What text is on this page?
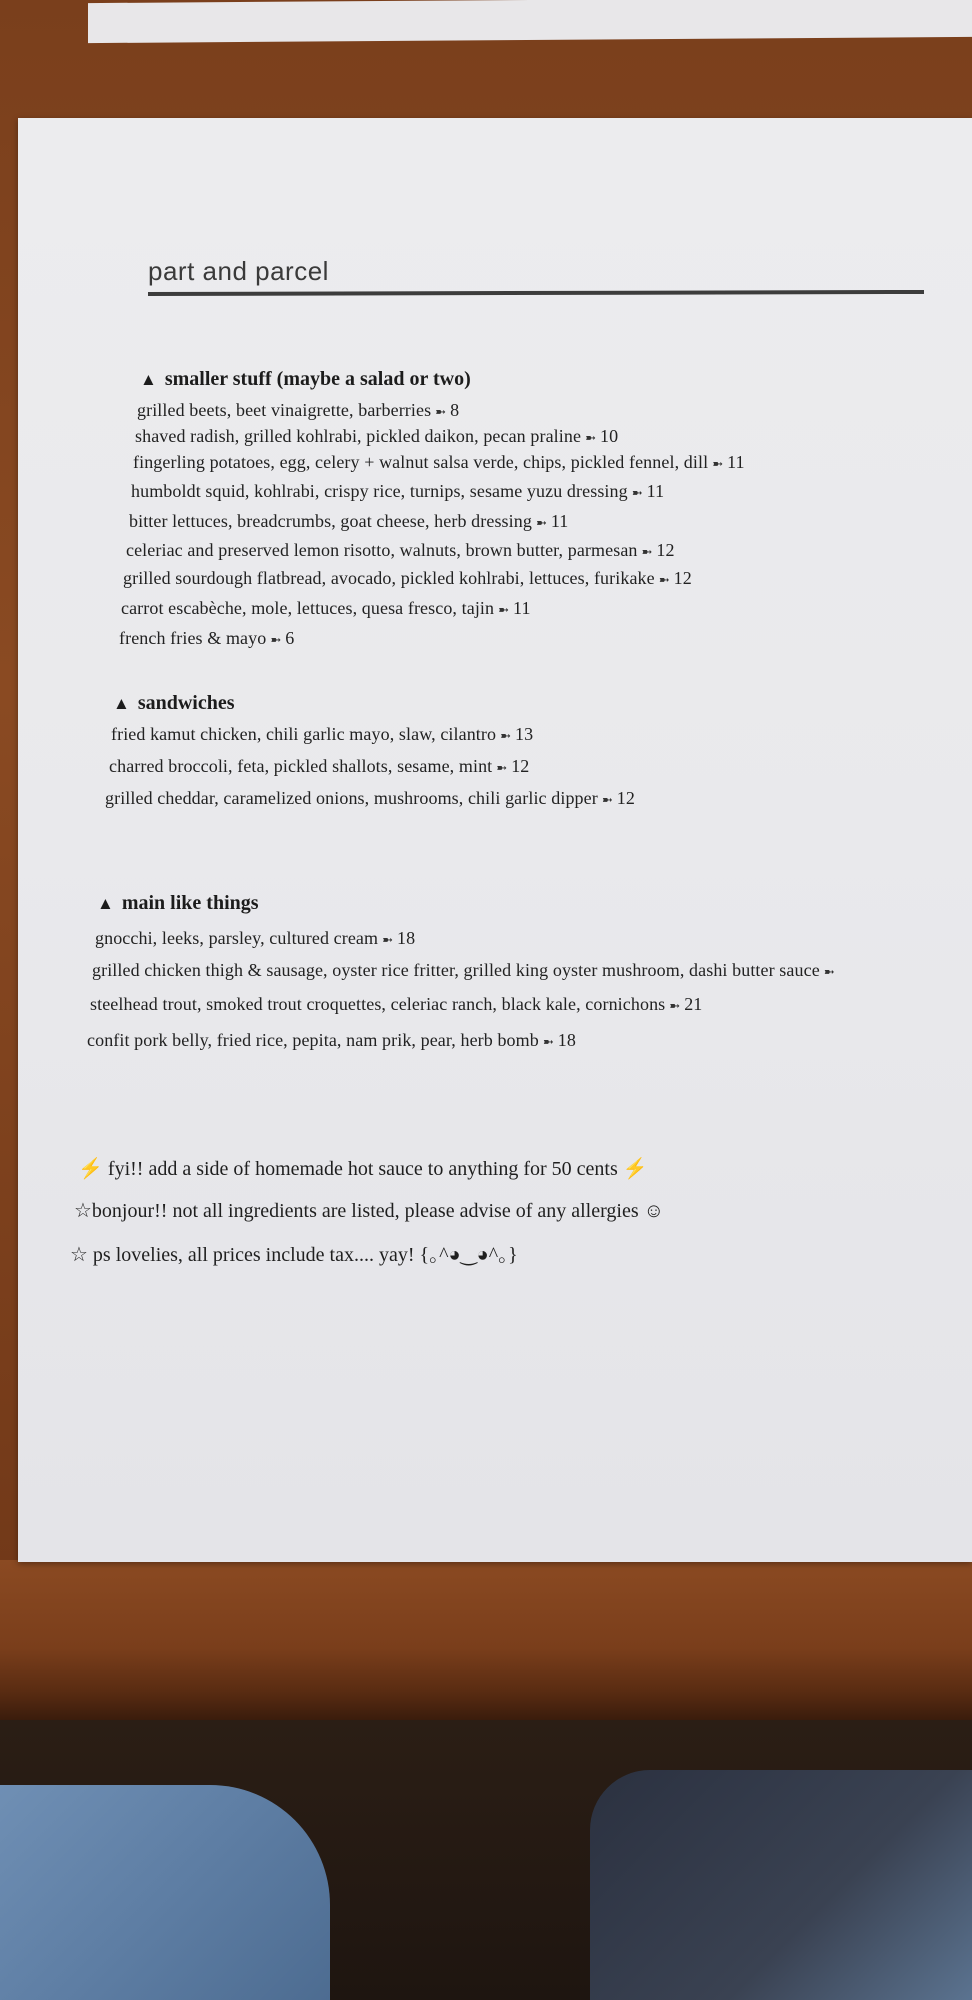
part and parcel
▲ smaller stuff (maybe a salad or two)
grilled beets, beet vinaigrette, barberries ➼ 8
shaved radish, grilled kohlrabi, pickled daikon, pecan praline ➼ 10
fingerling potatoes, egg, celery + walnut salsa verde, chips, pickled fennel, dill ➼ 11
humboldt squid, kohlrabi, crispy rice, turnips, sesame yuzu dressing ➼ 11
bitter lettuces, breadcrumbs, goat cheese, herb dressing ➼ 11
celeriac and preserved lemon risotto, walnuts, brown butter, parmesan ➼ 12
grilled sourdough flatbread, avocado, pickled kohlrabi, lettuces, furikake ➼ 12
carrot escabèche, mole, lettuces, quesa fresco, tajin ➼ 11
french fries & mayo ➼ 6
▲ sandwiches
fried kamut chicken, chili garlic mayo, slaw, cilantro ➼ 13
charred broccoli, feta, pickled shallots, sesame, mint ➼ 12
grilled cheddar, caramelized onions, mushrooms, chili garlic dipper ➼ 12
▲ main like things
gnocchi, leeks, parsley, cultured cream ➼ 18
grilled chicken thigh & sausage, oyster rice fritter, grilled king oyster mushroom, dashi butter sauce ➼
steelhead trout, smoked trout croquettes, celeriac ranch, black kale, cornichons ➼ 21
confit pork belly, fried rice, pepita, nam prik, pear, herb bomb ➼ 18
⚡ fyi!! add a side of homemade hot sauce to anything for 50 cents ⚡
☆bonjour!! not all ingredients are listed, please advise of any allergies ☺
☆ ps lovelies, all prices include tax.... yay! {｡^◕‿◕^｡}
